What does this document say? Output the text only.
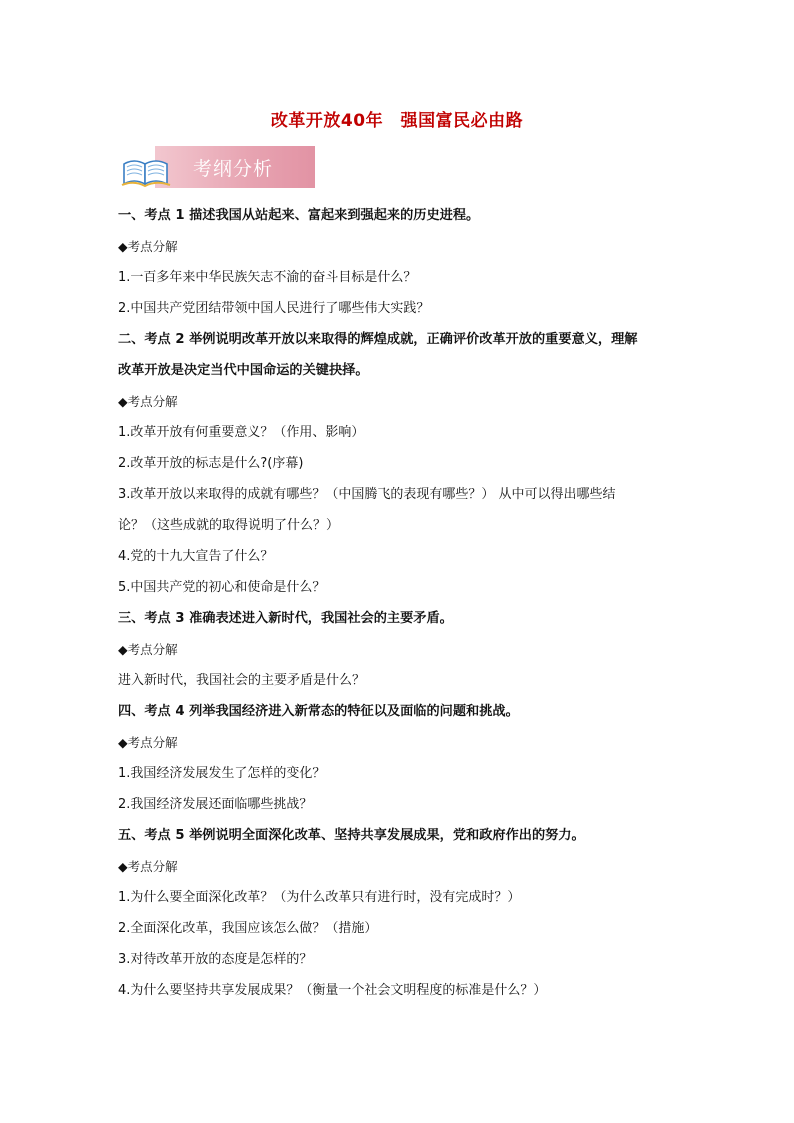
改革开放40年　强国富民必由路
考纲分析
一、考点 1 描述我国从站起来、富起来到强起来的历史进程。
◆考点分解
1.一百多年来中华民族矢志不渝的奋斗目标是什么？
2.中国共产党团结带领中国人民进行了哪些伟大实践？
二、考点 2 举例说明改革开放以来取得的辉煌成就，正确评价改革开放的重要意义，理解
改革开放是决定当代中国命运的关键抉择。
◆考点分解
1.改革开放有何重要意义？（作用、影响）
2.改革开放的标志是什么?(序幕)
3.改革开放以来取得的成就有哪些？（中国腾飞的表现有哪些？） 从中可以得出哪些结
论？（这些成就的取得说明了什么？）
4.党的十九大宣告了什么？
5.中国共产党的初心和使命是什么？
三、考点 3 准确表述进入新时代，我国社会的主要矛盾。
◆考点分解
进入新时代，我国社会的主要矛盾是什么？
四、考点 4 列举我国经济进入新常态的特征以及面临的问题和挑战。
◆考点分解
1.我国经济发展发生了怎样的变化？
2.我国经济发展还面临哪些挑战？
五、考点 5 举例说明全面深化改革、坚持共享发展成果，党和政府作出的努力。
◆考点分解
1.为什么要全面深化改革？（为什么改革只有进行时，没有完成时？）
2.全面深化改革，我国应该怎么做？（措施）
3.对待改革开放的态度是怎样的？
4.为什么要坚持共享发展成果？（衡量一个社会文明程度的标准是什么？）
